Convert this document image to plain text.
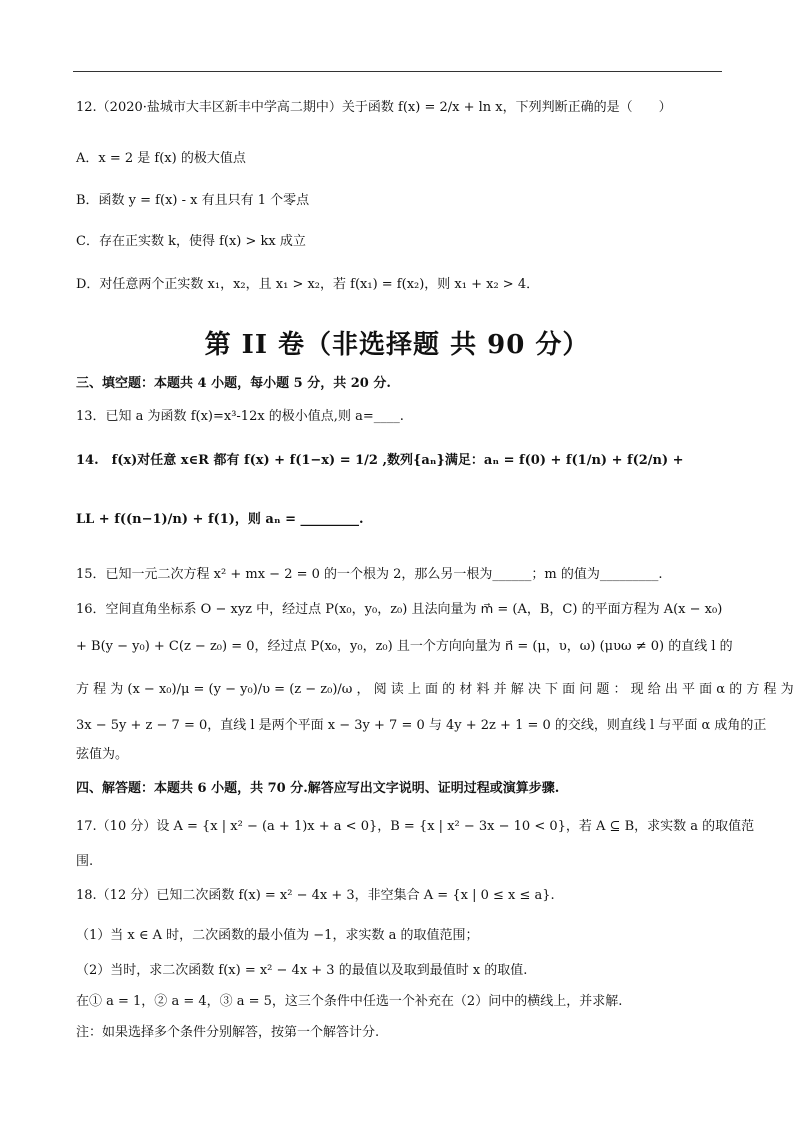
12.（2020·盐城市大丰区新丰中学高二期中）关于函数 f(x) = 2/x + ln x，下列判断正确的是（　　）
A．x = 2 是 f(x) 的极大值点
B．函数 y = f(x) - x 有且只有 1 个零点
C．存在正实数 k，使得 f(x) > kx 成立
D．对任意两个正实数 x₁，x₂，且 x₁ > x₂，若 f(x₁) = f(x₂)，则 x₁ + x₂ > 4．
第 II 卷（非选择题 共 90 分）
三、填空题：本题共 4 小题，每小题 5 分，共 20 分.
13．已知 a 为函数 f(x)=x³-12x 的极小值点,则 a=____.
14.　f(x)对任意 x∈R 都有 f(x) + f(1−x) = 1/2 ,数列{aₙ}满足：aₙ = f(0) + f(1/n) + f(2/n) +
LL + f((n−1)/n) + f(1)，则 aₙ = _________.
15．已知一元二次方程 x² + mx − 2 = 0 的一个根为 2，那么另一根为______；m 的值为_________.
16．空间直角坐标系 O − xyz 中，经过点 P(x₀，y₀，z₀) 且法向量为 m⃗ = (A，B，C) 的平面方程为 A(x − x₀)
+ B(y − y₀) + C(z − z₀) = 0，经过点 P(x₀，y₀，z₀) 且一个方向向量为 n⃗ = (μ，υ，ω) (μυω ≠ 0) 的直线 l 的
方 程 为 (x − x₀)/μ = (y − y₀)/υ = (z − z₀)/ω ， 阅 读 上 面 的 材 料 并 解 决 下 面 问 题 ： 现 给 出 平 面 α 的 方 程 为
3x − 5y + z − 7 = 0，直线 l 是两个平面 x − 3y + 7 = 0 与 4y + 2z + 1 = 0 的交线，则直线 l 与平面 α 成角的正
弦值为。
四、解答题：本题共 6 小题，共 70 分.解答应写出文字说明、证明过程或演算步骤.
17.（10 分）设 A = {x | x² − (a + 1)x + a < 0}，B = {x | x² − 3x − 10 < 0}，若 A ⊆ B，求实数 a 的取值范
围.
18.（12 分）已知二次函数 f(x) = x² − 4x + 3，非空集合 A = {x | 0 ≤ x ≤ a}.
（1）当 x ∈ A 时，二次函数的最小值为 −1，求实数 a 的取值范围；
（2）当时，求二次函数 f(x) = x² − 4x + 3 的最值以及取到最值时 x 的取值.
在① a = 1，② a = 4，③ a = 5，这三个条件中任选一个补充在（2）问中的横线上，并求解.
注：如果选择多个条件分别解答，按第一个解答计分.
